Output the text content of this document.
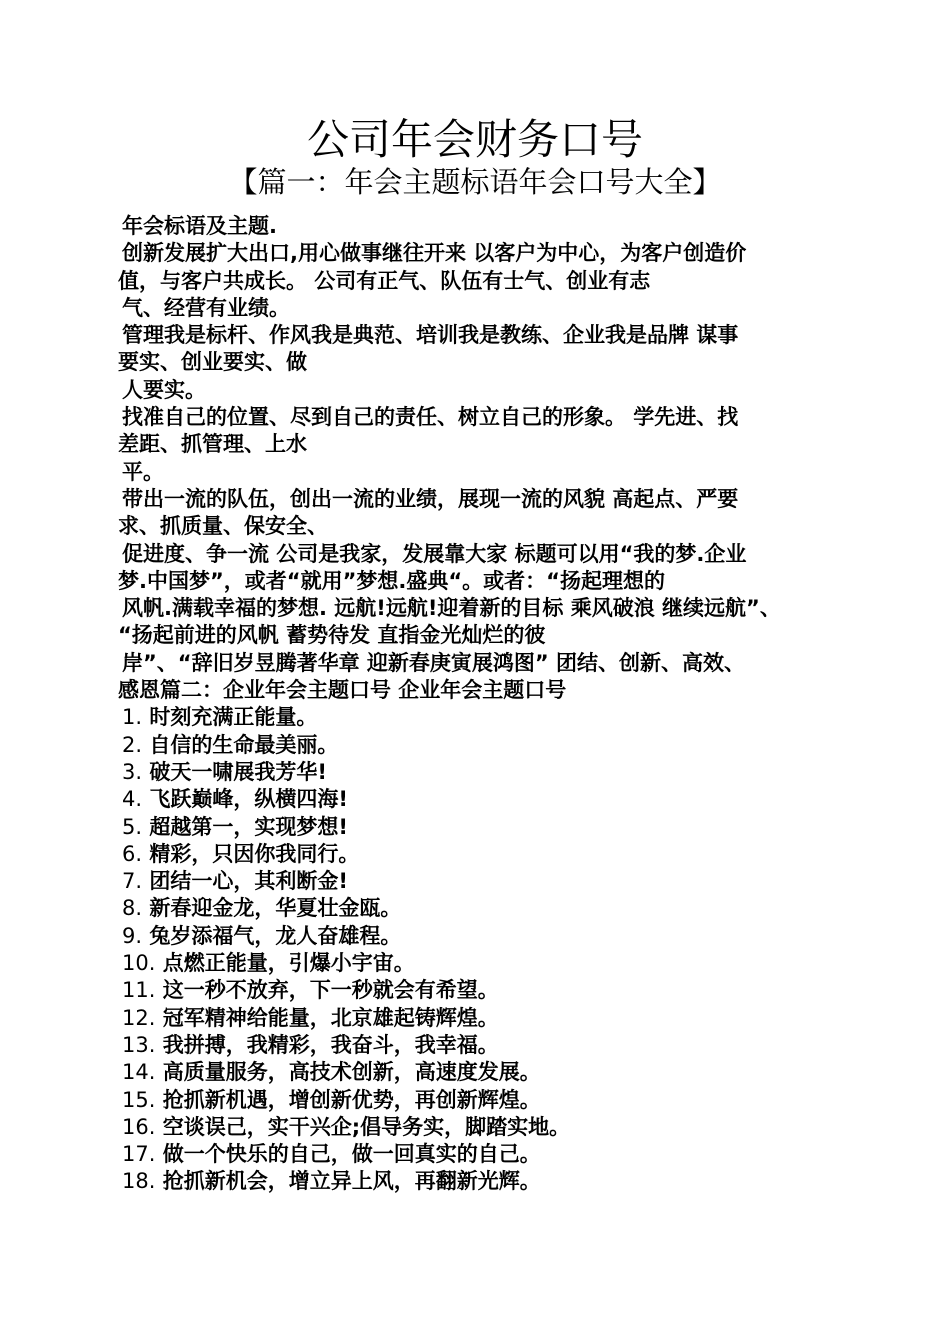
公司年会财务口号
【篇一：年会主题标语年会口号大全】
年会标语及主题.
创新发展扩大出口,用心做事继往开来 以客户为中心，为客户创造价
值，与客户共成长。 公司有正气、队伍有士气、创业有志
气、经营有业绩。
管理我是标杆、作风我是典范、培训我是教练、企业我是品牌 谋事
要实、创业要实、做
人要实。
找准自己的位置、尽到自己的责任、树立自己的形象。 学先进、找
差距、抓管理、上水
平。
带出一流的队伍，创出一流的业绩，展现一流的风貌 高起点、严要
求、抓质量、保安全、
促进度、争一流 公司是我家，发展靠大家 标题可以用“我的梦.企业
梦.中国梦”，或者“就用”梦想.盛典“。或者：“扬起理想的
风帆.满载幸福的梦想. 远航!远航!迎着新的目标 乘风破浪 继续远航”、
“扬起前进的风帆 蓄势待发 直指金光灿烂的彼
岸”、“辞旧岁昱腾著华章 迎新春庚寅展鸿图” 团结、创新、高效、
感恩篇二：企业年会主题口号 企业年会主题口号
1. 时刻充满正能量。
2. 自信的生命最美丽。
3. 破天一啸展我芳华!
4. 飞跃巅峰，纵横四海!
5. 超越第一，实现梦想!
6. 精彩，只因你我同行。
7. 团结一心，其利断金!
8. 新春迎金龙，华夏壮金瓯。
9. 兔岁添福气，龙人奋雄程。
10. 点燃正能量，引爆小宇宙。
11. 这一秒不放弃，下一秒就会有希望。
12. 冠军精神给能量，北京雄起铸辉煌。
13. 我拼搏，我精彩，我奋斗，我幸福。
14. 高质量服务，高技术创新，高速度发展。
15. 抢抓新机遇，增创新优势，再创新辉煌。
16. 空谈误己，实干兴企;倡导务实，脚踏实地。
17. 做一个快乐的自己，做一回真实的自己。
18. 抢抓新机会，增立异上风，再翻新光辉。
